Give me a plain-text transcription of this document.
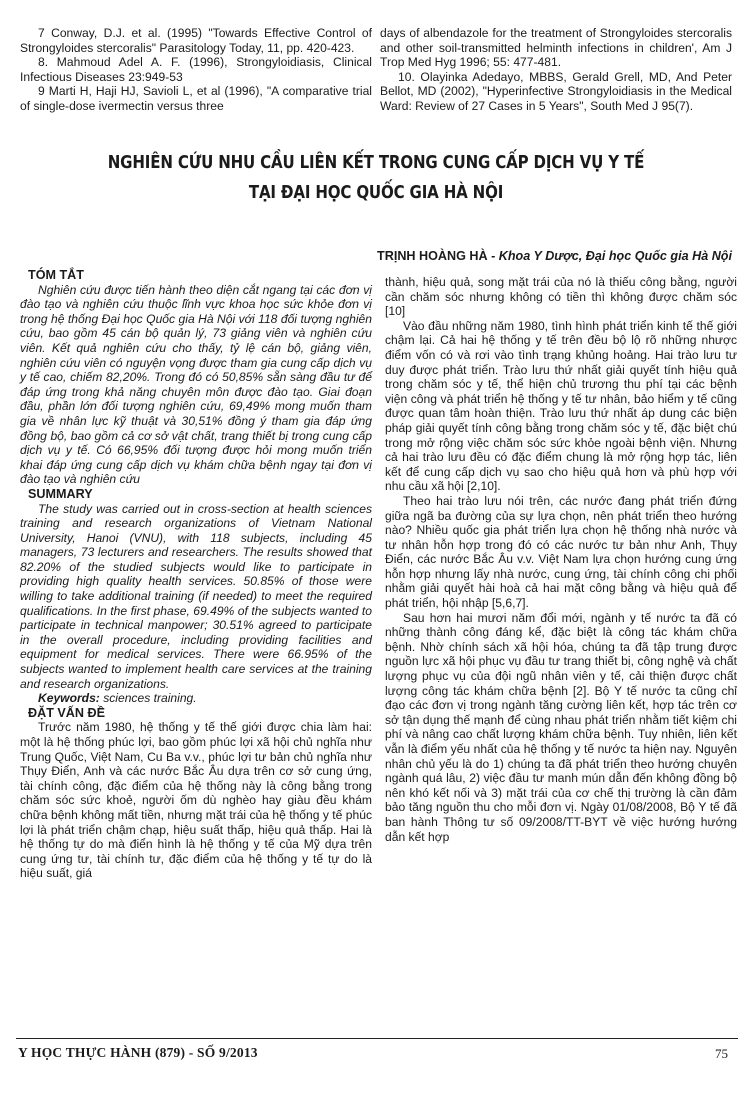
7 Conway, D.J. et al. (1995) "Towards Effective Control of Strongyloides stercoralis" Parasitology Today, 11, pp. 420-423.

8. Mahmoud Adel A. F. (1996), Strongyloidiasis, Clinical Infectious Diseases 23:949-53

9 Marti H, Haji HJ, Savioli L, et al (1996), "A comparative trial of single-dose ivermectin versus three

days of albendazole for the treatment of Strongyloides stercoralis and other soil-transmitted helminth infections in children', Am J Trop Med Hyg 1996; 55: 477-481.

10. Olayinka Adedayo, MBBS, Gerald Grell, MD, And Peter Bellot, MD (2002), "Hyperinfective Strongyloidiasis in the Medical Ward: Review of 27 Cases in 5 Years", South Med J 95(7).

NGHIÊN CỨU NHU CẦU LIÊN KẾT TRONG CUNG CẤP DỊCH VỤ Y TẾ
TẠI ĐẠI HỌC QUỐC GIA HÀ NỘI
TRỊNH HOÀNG HÀ - Khoa Y Dược, Đại học Quốc gia Hà Nội
TÓM TẮT

Nghiên cứu được tiến hành theo diện cắt ngang tại các đơn vị đào tạo và nghiên cứu thuộc lĩnh vực khoa học sức khỏe đơn vị trong hệ thống Đại học Quốc gia Hà Nội với 118 đối tượng nghiên cứu, bao gồm 45 cán bộ quản lý, 73 giảng viên và nghiên cứu viên. Kết quả nghiên cứu cho thấy, tỷ lệ cán bộ, giảng viên, nghiên cứu viên có nguyện vọng được tham gia cung cấp dịch vụ y tế cao, chiếm 82,20%. Trong đó có 50,85% sẵn sàng đầu tư để đáp ứng trong khả năng chuyên môn được đào tạo. Giai đoạn đầu, phần lớn đối tượng nghiên cứu, 69,49% mong muốn tham gia về nhân lực kỹ thuật và 30,51% đồng ý tham gia đáp ứng đồng bộ, bao gồm cả cơ sở vật chất, trang thiết bị trong cung cấp dịch vụ y tế. Có 66,95% đối tượng được hỏi mong muốn triển khai đáp ứng cung cấp dịch vụ khám chữa bệnh ngay tại đơn vị đào tạo và nghiên cứu

SUMMARY

The study was carried out in cross-section at health sciences training and research organizations of Vietnam National University, Hanoi (VNU), with 118 subjects, including 45 managers, 73 lecturers and researchers. The results showed that 82.20% of the studied subjects would like to participate in providing high quality health services. 50.85% of those were willing to take additional training (if needed) to meet the required qualifications. In the first phase, 69.49% of the subjects wanted to participate in technical manpower; 30.51% agreed to participate in the overall procedure, including providing facilities and equipment for medical services. There were 66.95% of the subjects wanted to implement health care services at the training and research organizations.

Keywords: sciences training.

ĐẶT VẤN ĐỀ

Trước năm 1980, hệ thống y tế thế giới được chia làm hai: một là hệ thống phúc lợi, bao gồm phúc lợi xã hội chủ nghĩa như Trung Quốc, Việt Nam, Cu Ba v.v., phúc lợi tư bản chủ nghĩa như Thụy Điển, Anh và các nước Bắc Âu dựa trên cơ sở cung ứng, tài chính công, đặc điểm của hệ thống này là công bằng trong chăm sóc sức khoẻ, người ốm dù nghèo hay giàu đều khám chữa bệnh không mất tiền, nhưng mặt trái của hệ thống y tế phúc lợi là phát triển chậm chạp, hiệu suất thấp, hiệu quả thấp. Hai là hệ thống tự do mà điển hình là hệ thống y tế của Mỹ dựa trên cung ứng tư, tài chính tư, đặc điểm của hệ thống y tế tự do là hiệu suất, giá

thành, hiệu quả, song mặt trái của nó là thiếu công bằng, người cần chăm sóc nhưng không có tiền thì không được chăm sóc [10]

Vào đầu những năm 1980, tình hình phát triển kinh tế thế giới chậm lại. Cả hai hệ thống y tế trên đều bộ lộ rõ những nhược điểm vốn có và rơi vào tình trạng khủng hoảng. Hai trào lưu tư duy được phát triển. Trào lưu thứ nhất giải quyết tính hiệu quả trong chăm sóc y tế, thể hiện chủ trương thu phí tại các bệnh viện công và phát triển hệ thống y tế tư nhân, bảo hiểm y tế cũng được quan tâm hoàn thiện. Trào lưu thứ nhất áp dung các biện pháp giải quyết tính công bằng trong chăm sóc y tế, đặc biệt chú trong mở rộng việc chăm sóc sức khỏe ngoài bệnh viện. Nhưng cả hai trào lưu đều có đặc điểm chung là mở rộng hợp tác, liên kết để cung cấp dịch vụ sao cho hiệu quả hơn và phù hợp với nhu cầu xã hội [2,10].

Theo hai trào lưu nói trên, các nước đang phát triển đứng giữa ngã ba đường của sự lựa chọn, nên phát triển theo hướng nào? Nhiều quốc gia phát triển lựa chọn hệ thống nhà nước và tư nhân hỗn hợp trong đó có các nước tư bản như Anh, Thụy Điển, các nước Bắc Âu v.v. Việt Nam lựa chọn hướng cung ứng hỗn hợp nhưng lấy nhà nước, cung ứng, tài chính công chi phối nhằm giải quyết hài hoà cả hai mặt công bằng và hiệu quả để phát triển, hội nhập [5,6,7].

Sau hơn hai mươi năm đổi mới, ngành y tế nước ta đã có những thành công đáng kể, đặc biệt là công tác khám chữa bệnh. Nhờ chính sách xã hội hóa, chúng ta đã tập trung được nguồn lực xã hội phục vụ đầu tư trang thiết bị, công nghệ và chất lượng phục vụ của đội ngũ nhân viên y tế, cải thiện được chất lượng công tác khám chữa bệnh [2]. Bộ Y tế nước ta cũng chỉ đạo các đơn vị trong ngành tăng cường liên kết, hợp tác trên cơ sở tận dụng thế mạnh để cùng nhau phát triển nhằm tiết kiệm chi phí và nâng cao chất lượng khám chữa bệnh. Tuy nhiên, liên kết vẫn là điểm yếu nhất của hệ thống y tế nước ta hiện nay. Nguyên nhân chủ yếu là do 1) chúng ta đã phát triển theo hướng chuyên ngành quá lâu, 2) việc đầu tư manh mún dẫn đến không đồng bộ nên khó kết nối và 3) mặt trái của cơ chế thị trường là cần đảm bảo tăng nguồn thu cho mỗi đơn vị. Ngày 01/08/2008, Bộ Y tế đã ban hành Thông tư số 09/2008/TT-BYT về việc hướng hướng dẫn kết hợp

Y HỌC THỰC HÀNH (879) - SỐ 9/2013	75
